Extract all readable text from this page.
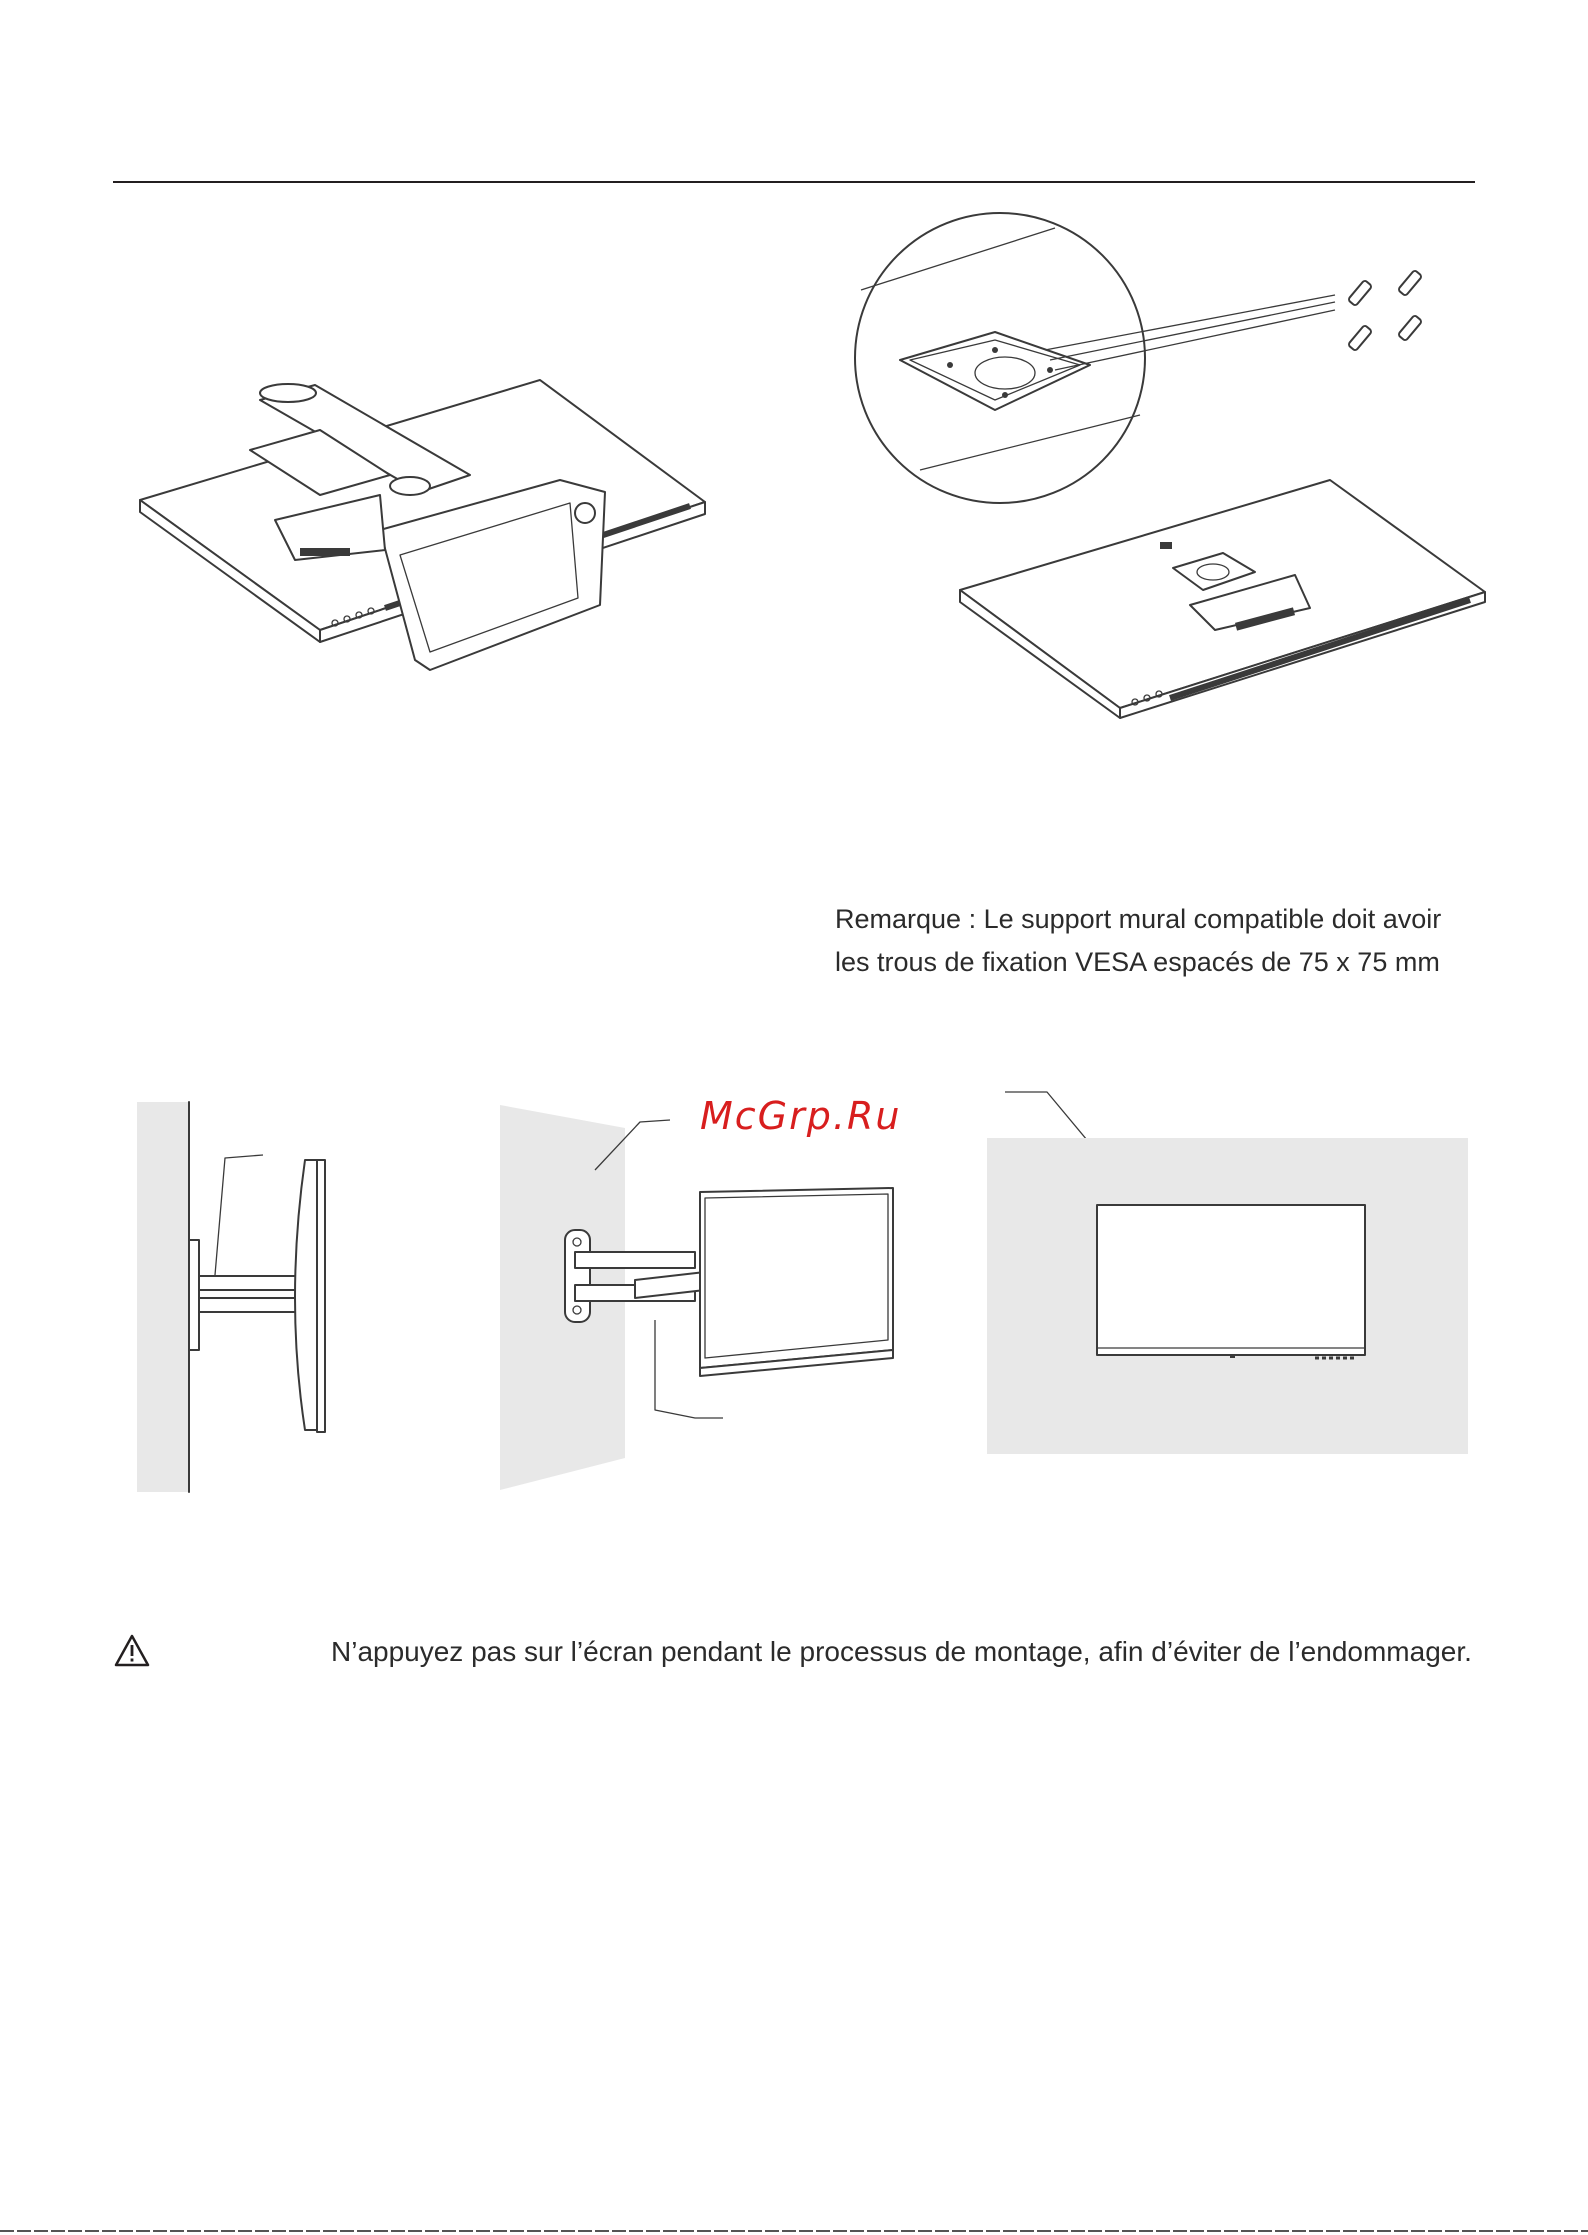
Remarque : Le support mural compatible doit avoir
les trous de fixation VESA espacés de 75 x 75 mm
McGrp.Ru
N’appuyez pas sur l’écran pendant le processus de montage, afin d’éviter de l’endommager.
